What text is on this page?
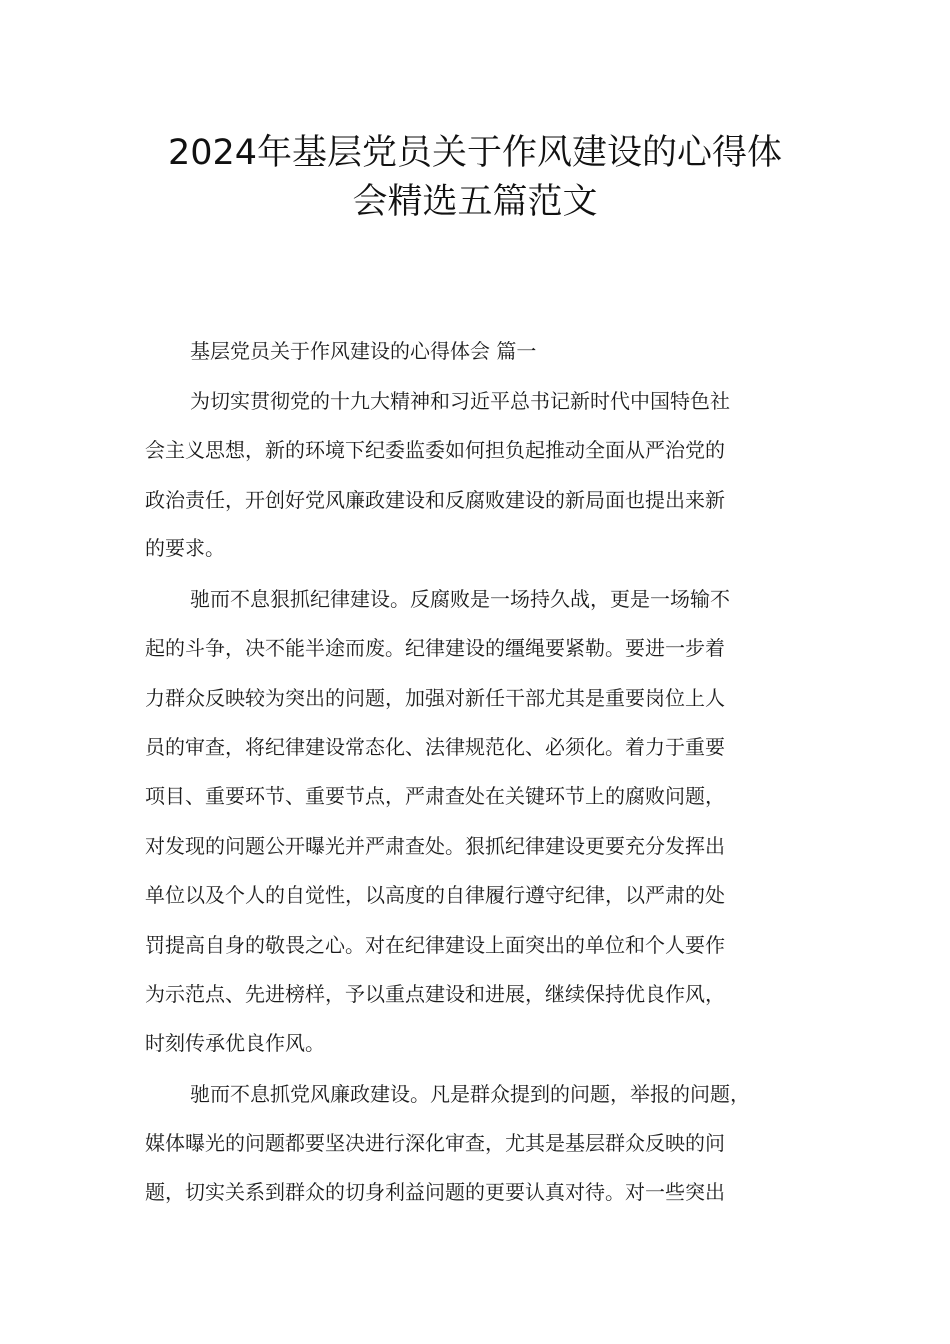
2024年基层党员关于作风建设的心得体
会精选五篇范文

基层党员关于作风建设的心得体会 篇一

为切实贯彻党的十九大精神和习近平总书记新时代中国特色社

会主义思想，新的环境下纪委监委如何担负起推动全面从严治党的

政治责任，开创好党风廉政建设和反腐败建设的新局面也提出来新

的要求。

驰而不息狠抓纪律建设。反腐败是一场持久战，更是一场输不

起的斗争，决不能半途而废。纪律建设的缰绳要紧勒。要进一步着

力群众反映较为突出的问题，加强对新任干部尤其是重要岗位上人

员的审查，将纪律建设常态化、法律规范化、必须化。着力于重要

项目、重要环节、重要节点，严肃查处在关键环节上的腐败问题，

对发现的问题公开曝光并严肃查处。狠抓纪律建设更要充分发挥出

单位以及个人的自觉性，以高度的自律履行遵守纪律，以严肃的处

罚提高自身的敬畏之心。对在纪律建设上面突出的单位和个人要作

为示范点、先进榜样，予以重点建设和进展，继续保持优良作风，

时刻传承优良作风。

驰而不息抓党风廉政建设。凡是群众提到的问题，举报的问题，

媒体曝光的问题都要坚决进行深化审查，尤其是基层群众反映的问

题，切实关系到群众的切身利益问题的更要认真对待。对一些突出
